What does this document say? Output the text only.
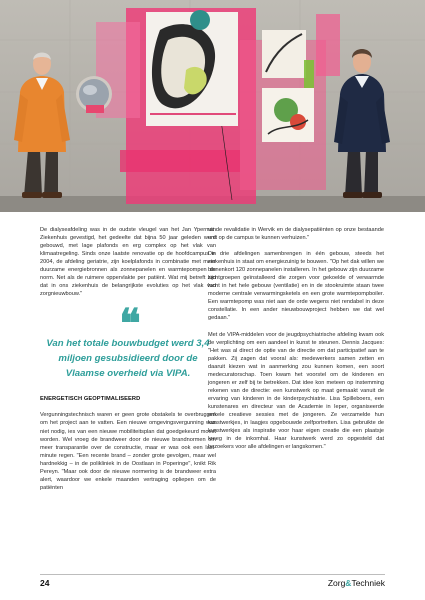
De dialyseafdeling was in de oudste vleugel van het Jan Yperman Ziekenhuis gevestigd, het gedeelte dat bijna 50 jaar geleden werd gebouwd, met lage plafonds en erg complex op het vlak van klimaatregeling. Sinds onze laatste renovatie op de hoofdcampus in 2004, de afdeling geriatrie, zijn koelplafonds in combinatie met meer duurzame energiebronnen als zonnepanelen en warmtepompen de norm. Net als de ruimere oppervlakte per patiënt. Wat mij betreft zijn dat in ons ziekenhuis de belangrijkste evoluties op het vlak van zorgnieuwbouw."

❝
Van het totale bouwbudget werd 3,4 miljoen gesubsidieerd door de Vlaamse overheid via VIPA.

ENERGETISCH GEOPTIMALISEERD

Vergunningstechnisch waren er geen grote obstakels te overbruggen om het project aan te vatten. Een nieuwe omgevingsvergunning was niet nodig, ies van een nieuwe mobiliteitsplan dat goedgekeurd moest worden. Wel vroeg de brandweer door de nieuwe brandnormen om meer transparantie over de constructie, maar er was ook een last-minute regen. "Een recente brand – zonder grote gevolgen, maar wel hardnekkig – in de polikliniek in de Oostlaan in Poperinge", knikt Rik Pereyn. "Maar ook door de nieuwe normering is de brandweer extra alert, waardoor we enkele maanden vertraging opliepen om de patiënten

uit de revalidatie in Wervik en de dialysepatiënten op onze bestaande unit op de campus te kunnen verhuizen."

De drie afdelingen samenbrengen in één gebouw, steeds het ziekenhuis in staat om energiezuinig te bouwen. "Op het dak willen we binnenkort 120 zonnepanelen installeren. In het gebouw zijn duurzame luchtgroepen geïnstalleerd die zorgen voor gekoelde of verwarmde lucht in het hele gebouw (ventilatie) en in de stookruimte staan twee moderne centrale verwarmingsketels en een grote warmtepompboiler. Een warmtepomp was niet aan de orde wegens niet rendabel in deze constellatie. In een ander nieuwbouwproject hebben we dat wel gedaan."

Met de VIPA-middelen voor de jeugdpsychiatrische afdeling kwam ook de verplichting om een aandeel in kunst te steunen. Dennis Jacques: "Het was al direct de optie van de directie om dat participatief aan te pakken. Zij zagen dat vooral als: medewerkers samen zetten en daaruit kiezen wat in aanmerking zou kunnen komen, een soort medecuratorschap. Toen kwam het voorstel om de kinderen en jongeren er zelf bij te betrekken. Dat idee kon meteen op instemming rekenen van de directie: een kunstwerk op maat gemaakt vanuit de ervaring van kinderen in de kinderpsychiatrie. Lisa Spilleboers, een kunstenares en directeur van de Academie in Ieper, organiseerde enkele creatieve sessies met de jongeren. Ze verzamelde hun kunstwerkjes, in laagjes opgebouwde zelfportretten. Lisa gebruikte de kunstwerkjes als inspiratie voor haar eigen creatie die een plaatsje kreeg in de inkomhal. Haar kunstwerk werd zo opgesteld dat bezoekers voor alle afdelingen er langskomen."

24	Zorg&Techniek
